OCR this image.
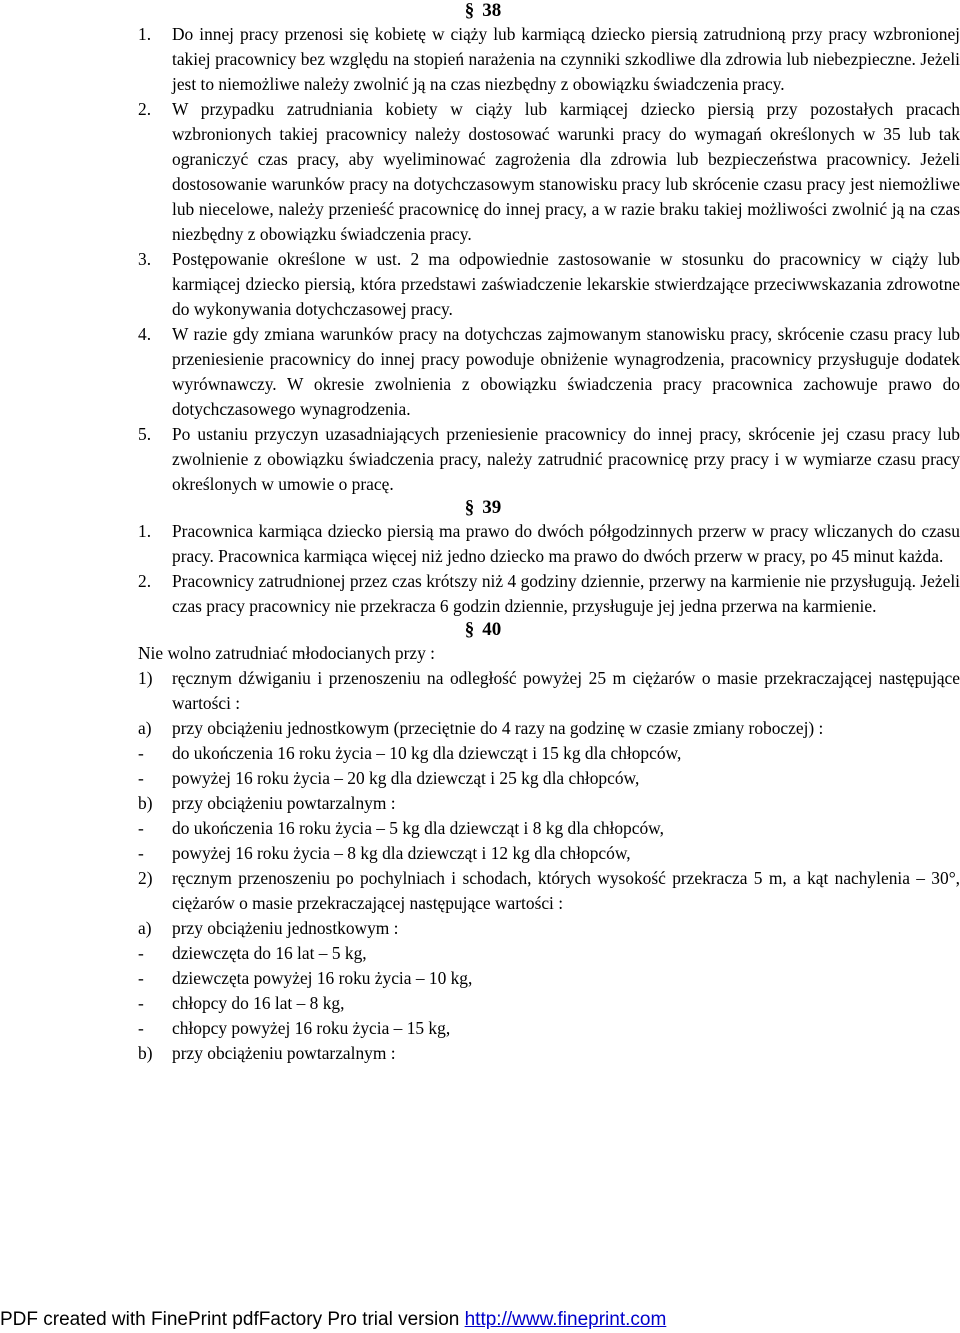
§ 38
1.	Do innej pracy przenosi się kobietę w ciąży lub karmiącą dziecko piersią zatrudnioną przy pracy wzbronionej takiej pracownicy bez względu na stopień narażenia na czynniki szkodliwe dla zdrowia lub niebezpieczne. Jeżeli jest to niemożliwe należy zwolnić ją na czas niezbędny z obowiązku świadczenia pracy.
2.	W przypadku zatrudniania kobiety w ciąży lub karmiącej dziecko piersią przy pozostałych pracach wzbronionych takiej pracownicy należy dostosować warunki pracy do wymagań określonych w 35 lub tak ograniczyć czas pracy, aby wyeliminować zagrożenia dla zdrowia lub bezpieczeństwa pracownicy. Jeżeli dostosowanie warunków pracy na dotychczasowym stanowisku pracy lub skrócenie czasu pracy jest niemożliwe lub niecelowe, należy przenieść pracownicę do innej pracy, a w razie braku takiej możliwości zwolnić ją na czas niezbędny z obowiązku świadczenia pracy.
3.	Postępowanie określone w ust. 2 ma odpowiednie zastosowanie w stosunku do pracownicy w ciąży lub karmiącej dziecko piersią, która przedstawi zaświadczenie lekarskie stwierdzające przeciwwskazania zdrowotne do wykonywania dotychczasowej pracy.
4.	W razie gdy zmiana warunków pracy na dotychczas zajmowanym stanowisku pracy, skrócenie czasu pracy lub przeniesienie pracownicy do innej pracy powoduje obniżenie wynagrodzenia, pracownicy przysługuje dodatek wyrównawczy. W okresie zwolnienia z obowiązku świadczenia pracy pracownica zachowuje prawo do dotychczasowego wynagrodzenia.
5.	Po ustaniu przyczyn uzasadniających przeniesienie pracownicy do innej pracy, skrócenie jej czasu pracy lub zwolnienie z obowiązku świadczenia pracy, należy zatrudnić pracownicę przy pracy i w wymiarze czasu pracy określonych w umowie o pracę.
§ 39
1.	Pracownica karmiąca dziecko piersią ma prawo do dwóch półgodzinnych przerw w pracy wliczanych do czasu pracy. Pracownica karmiąca więcej niż jedno dziecko ma prawo do dwóch przerw w pracy, po 45 minut każda.
2.	Pracownicy zatrudnionej przez czas krótszy niż 4 godziny dziennie, przerwy na karmienie nie przysługują. Jeżeli czas pracy pracownicy nie przekracza 6 godzin dziennie, przysługuje jej jedna przerwa na karmienie.
§ 40
Nie wolno zatrudniać młodocianych przy :
1)	ręcznym dźwiganiu i przenoszeniu na odległość powyżej 25 m ciężarów o masie przekraczającej następujące wartości :
a)	przy obciążeniu jednostkowym (przeciętnie do 4 razy na godzinę w czasie zmiany roboczej) :
-	do ukończenia 16 roku życia – 10 kg dla dziewcząt i 15 kg dla chłopców,
-	powyżej 16 roku życia – 20 kg dla dziewcząt i 25 kg dla chłopców,
b)	przy obciążeniu powtarzalnym :
-	do ukończenia 16 roku życia – 5 kg dla dziewcząt i 8 kg dla chłopców,
-	powyżej 16 roku życia – 8 kg dla dziewcząt i 12 kg dla chłopców,
2)	ręcznym przenoszeniu po pochylniach i schodach, których wysokość przekracza 5 m, a kąt nachylenia – 30°, ciężarów o masie przekraczającej następujące wartości :
a)	przy obciążeniu jednostkowym :
-	dziewczęta do 16 lat – 5 kg,
-	dziewczęta powyżej 16 roku życia – 10 kg,
-	chłopcy do 16 lat – 8 kg,
-	chłopcy powyżej 16 roku życia – 15 kg,
b)	przy obciążeniu powtarzalnym :
PDF created with FinePrint pdfFactory Pro trial version http://www.fineprint.com
